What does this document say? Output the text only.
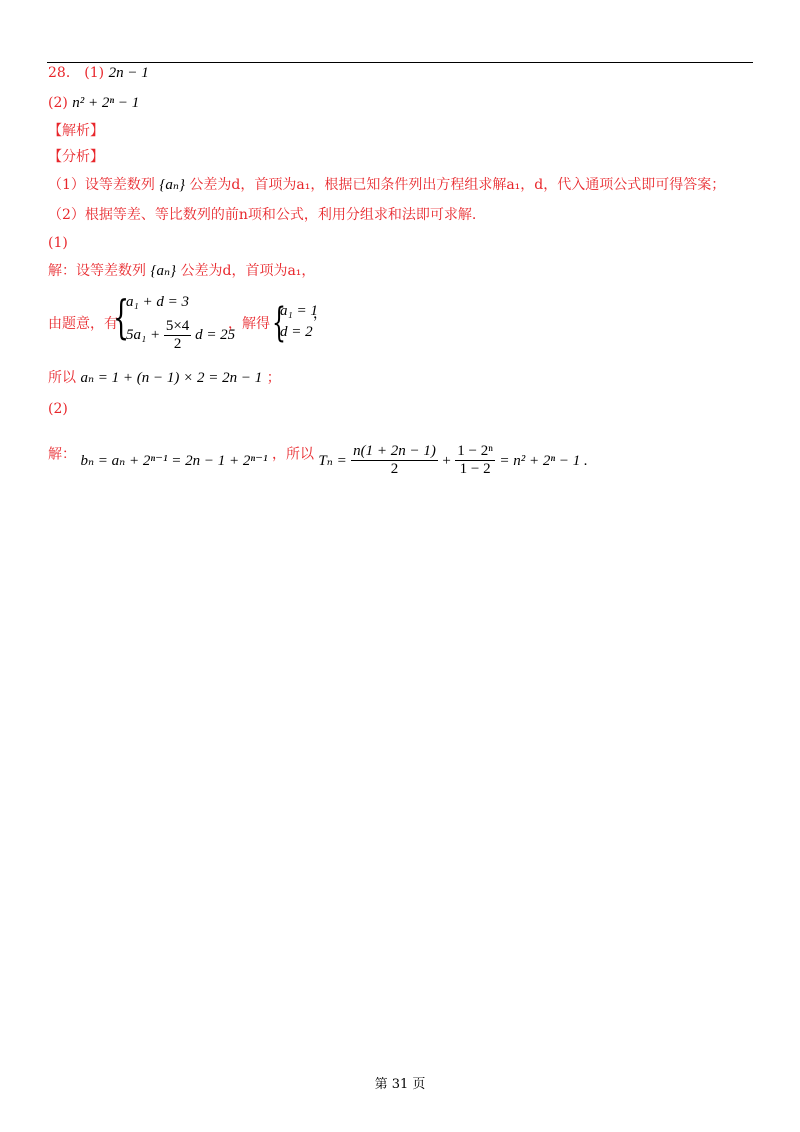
28． (1) 2n − 1
(2) n² + 2ⁿ − 1
【解析】
【分析】
（1）设等差数列 {aₙ} 公差为d，首项为a₁，根据已知条件列出方程组求解a₁，d，代入通项公式即可得答案；
（2）根据等差、等比数列的前n项和公式，利用分组求和法即可求解.
(1)
解：设等差数列 {aₙ} 公差为d，首项为a₁，
由题意，有
{
a₁ + d = 3
$5a_1 + \frac{5\times 4}{2}$ d = 25
，解得 {
a₁ = 1
d = 2
，
所以 aₙ = 1 + (n − 1) × 2 = 2n − 1 ；
(2)
解： bₙ = aₙ + 2ⁿ⁻¹ = 2n − 1 + 2ⁿ⁻¹ ，所以 $T_n = \frac{n(1 + 2n - 1)}{2} + \frac{\text{1 − 2ⁿ}}{1 - 2} = n^2 + 2^n - 1$ .
第 31 页
